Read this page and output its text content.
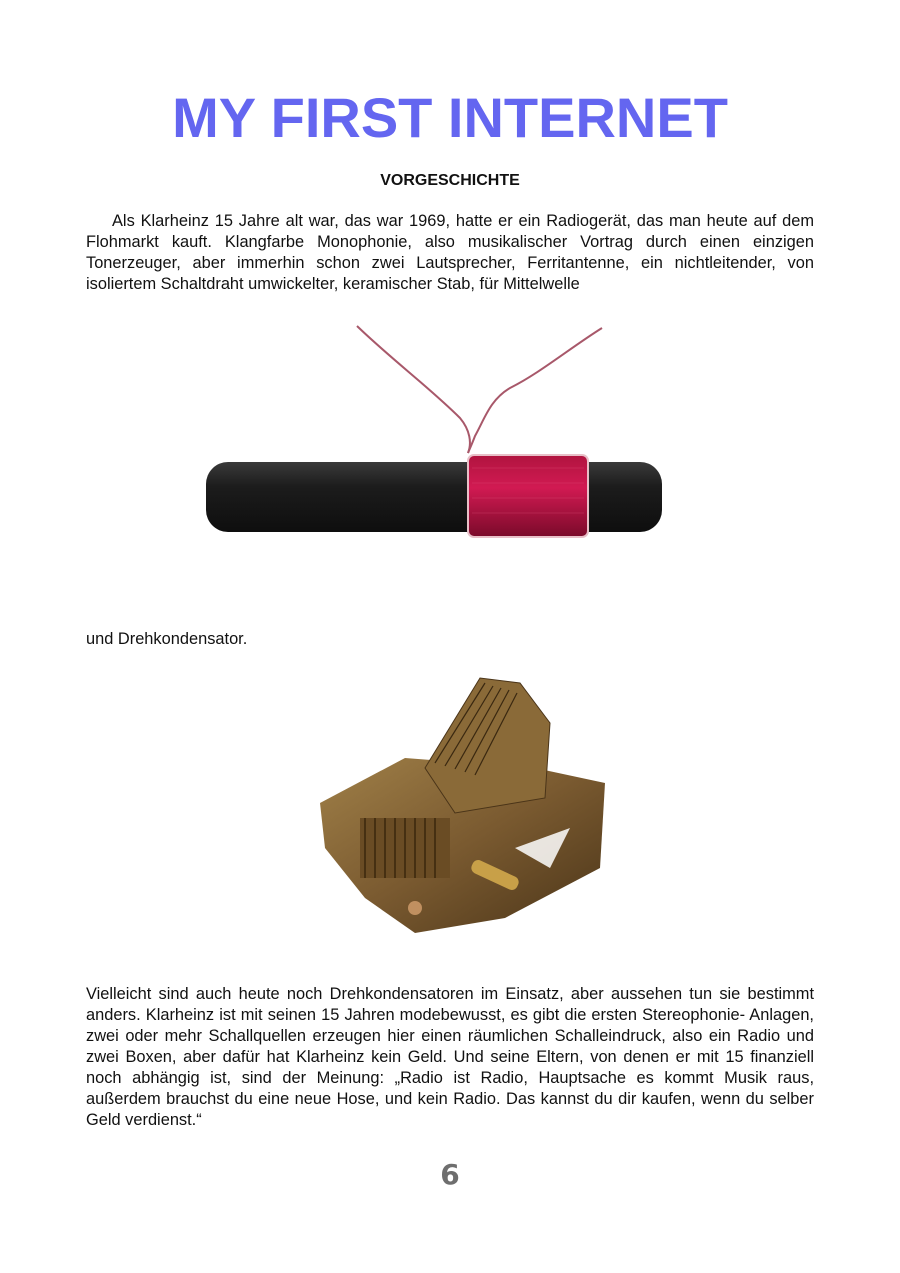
MY FIRST INTERNET
VORGESCHICHTE

Als Klarheinz 15 Jahre alt war, das war 1969, hatte er ein Radiogerät, das man heute auf dem Flohmarkt kauft. Klangfarbe Monophonie, also musikalischer Vortrag durch einen einzigen Tonerzeuger, aber immerhin schon zwei Lautsprecher, Ferritantenne, ein nichtleitender, von isoliertem Schaltdraht umwickelter, keramischer Stab, für Mittelwelle

und Drehkondensator.

Vielleicht sind auch heute noch Drehkondensatoren im Einsatz, aber aussehen tun sie bestimmt anders. Klarheinz ist mit seinen 15 Jahren modebewusst, es gibt die ersten Stereophonie- Anlagen, zwei oder mehr Schallquellen erzeugen hier einen räumlichen Schalleindruck, also ein Radio und zwei Boxen, aber dafür hat Klarheinz kein Geld. Und seine Eltern, von denen er mit 15 finanziell noch abhängig ist, sind der Meinung: „Radio ist Radio, Hauptsache es kommt Musik raus, außerdem brauchst du eine neue Hose, und kein Radio. Das kannst du dir kaufen, wenn du selber Geld verdienst.“

6
